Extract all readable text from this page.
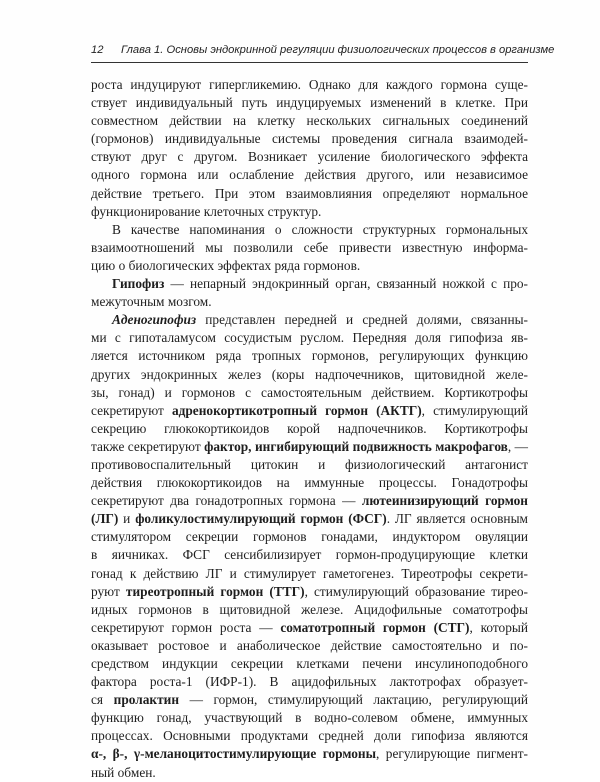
12 Глава 1. Основы эндокринной регуляции физиологических процессов в организме
роста индуцируют гипергликемию. Однако для каждого гормона суще-
ствует индивидуальный путь индуцируемых изменений в клетке. При
совместном действии на клетку нескольких сигнальных соединений
(гормонов) индивидуальные системы проведения сигнала взаимодей-
ствуют друг с другом. Возникает усиление биологического эффекта
одного гормона или ослабление действия другого, или независимое
действие третьего. При этом взаимовлияния определяют нормальное
функционирование клеточных структур.
В качестве напоминания о сложности структурных гормональных
взаимоотношений мы позволили себе привести известную информа-
цию о биологических эффектах ряда гормонов.
Гипофиз — непарный эндокринный орган, связанный ножкой с про-
межуточным мозгом.
Аденогипофиз представлен передней и средней долями, связанны-
ми с гипоталамусом сосудистым руслом. Передняя доля гипофиза яв-
ляется источником ряда тропных гормонов, регулирующих функцию
других эндокринных желез (коры надпочечников, щитовидной желе-
зы, гонад) и гормонов с самостоятельным действием. Кортикотрофы
секретируют адренокортикотропный гормон (АКТГ), стимулирующий
секрецию глюкокортикоидов корой надпочечников. Кортикотрофы
также секретируют фактор, ингибирующий подвижность макрофагов, —
противовоспалительный цитокин и физиологический антагонист
действия глюкокортикоидов на иммунные процессы. Гонадотрофы
секретируют два гонадотропных гормона — лютеинизирующий гормон
(ЛГ) и фоликулостимулирующий гормон (ФСГ). ЛГ является основным
стимулятором секреции гормонов гонадами, индуктором овуляции
в яичниках. ФСГ сенсибилизирует гормон-продуцирующие клетки
гонад к действию ЛГ и стимулирует гаметогенез. Тиреотрофы секрети-
руют тиреотропный гормон (ТТГ), стимулирующий образование тирео-
идных гормонов в щитовидной железе. Ацидофильные соматотрофы
секретируют гормон роста — соматотропный гормон (СТГ), который
оказывает ростовое и анаболическое действие самостоятельно и по-
средством индукции секреции клетками печени инсулиноподобного
фактора роста-1 (ИФР-1). В ацидофильных лактотрофах образует-
ся пролактин — гормон, стимулирующий лактацию, регулирующий
функцию гонад, участвующий в водно-солевом обмене, иммунных
процессах. Основными продуктами средней доли гипофиза являются
α-, β-, γ-меланоцитостимулирующие гормоны, регулирующие пигмент-
ный обмен.
